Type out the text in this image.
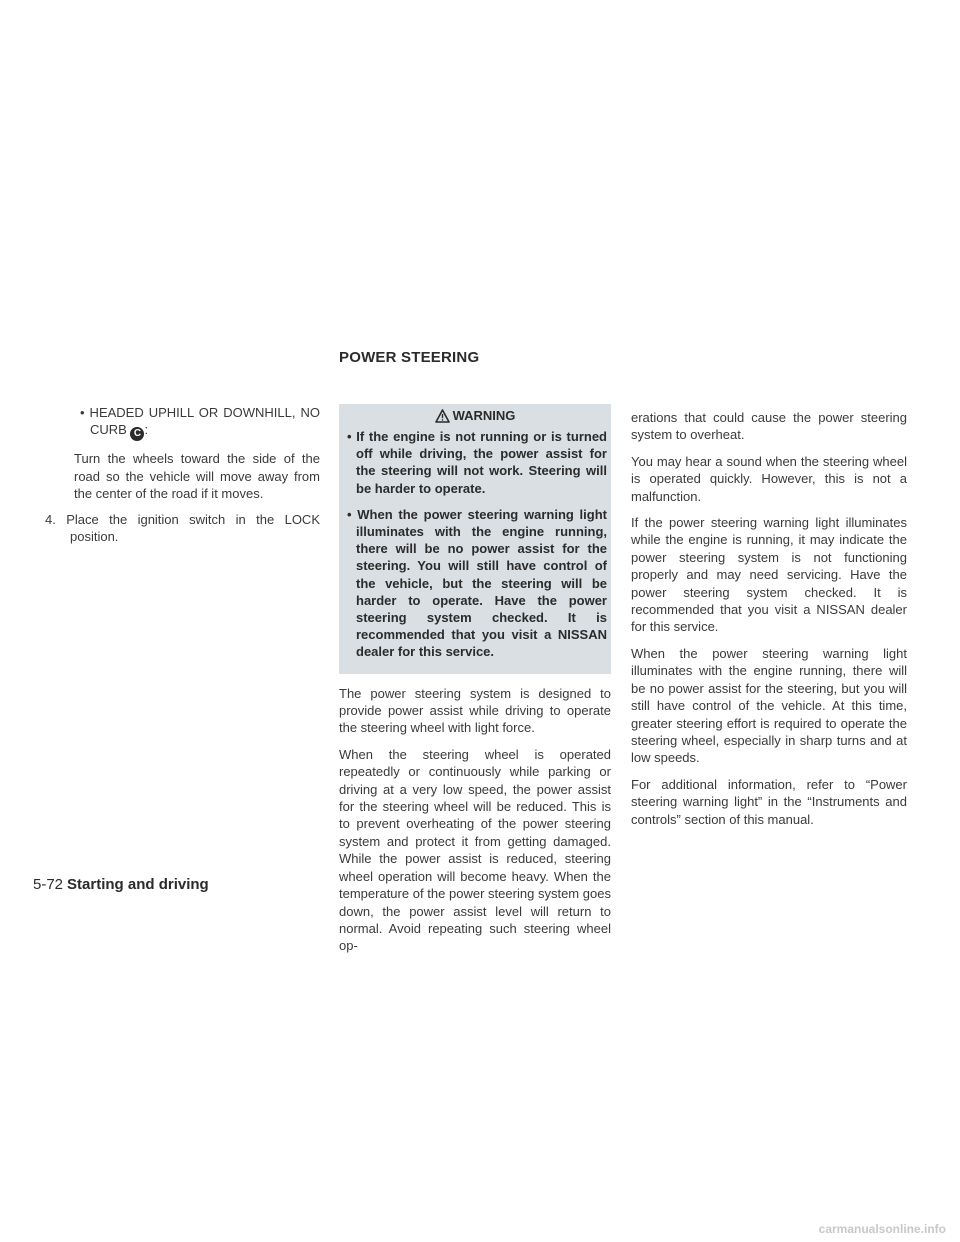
POWER STEERING

• HEADED UPHILL OR DOWNHILL, NO CURB C :

Turn the wheels toward the side of the road so the vehicle will move away from the center of the road if it moves.

4. Place the ignition switch in the LOCK position.

WARNING

• If the engine is not running or is turned off while driving, the power assist for the steering will not work. Steering will be harder to operate.

• When the power steering warning light illuminates with the engine running, there will be no power assist for the steering. You will still have control of the vehicle, but the steering will be harder to operate. Have the power steering system checked. It is recommended that you visit a NISSAN dealer for this service.

The power steering system is designed to provide power assist while driving to operate the steering wheel with light force.

When the steering wheel is operated repeatedly or continuously while parking or driving at a very low speed, the power assist for the steering wheel will be reduced. This is to prevent overheating of the power steering system and protect it from getting damaged. While the power assist is reduced, steering wheel operation will become heavy. When the temperature of the power steering system goes down, the power assist level will return to normal. Avoid repeating such steering wheel op-

erations that could cause the power steering system to overheat.

You may hear a sound when the steering wheel is operated quickly. However, this is not a malfunction.

If the power steering warning light illuminates while the engine is running, it may indicate the power steering system is not functioning properly and may need servicing. Have the power steering system checked. It is recommended that you visit a NISSAN dealer for this service.

When the power steering warning light illuminates with the engine running, there will be no power assist for the steering, but you will still have control of the vehicle. At this time, greater steering effort is required to operate the steering wheel, especially in sharp turns and at low speeds.

For additional information, refer to “Power steering warning light” in the “Instruments and controls” section of this manual.

5-72 Starting and driving
carmanualsonline.info
